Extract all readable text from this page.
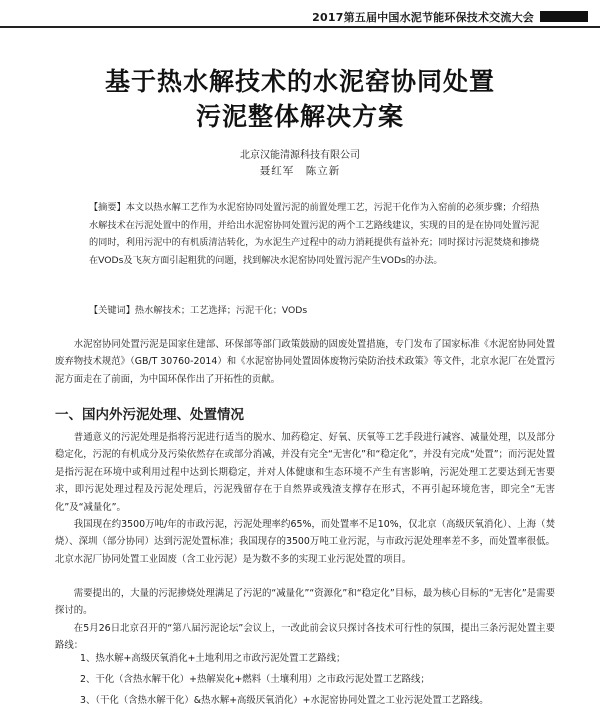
2017第五届中国水泥节能环保技术交流大会
基于热水解技术的水泥窑协同处置
污泥整体解决方案
北京汉能清源科技有限公司
聂红军　陈立新
【摘要】本文以热水解工艺作为水泥窑协同处置污泥的前置处理工艺，污泥干化作为入窑前的必须步骤；介绍热水解技术在污泥处置中的作用，并给出水泥窑协同处置污泥的两个工艺路线建议，实现的目的是在协同处置污泥的同时，利用污泥中的有机质清洁转化，为水泥生产过程中的动力消耗提供有益补充；同时探讨污泥焚烧和掺烧在VODs及飞灰方面引起粗犹的问题，找到解决水泥窑协同处置污泥产生VODs的办法。
【关键词】热水解技术；工艺选择；污泥干化；VODs
水泥窑协同处置污泥是国家住建部、环保部等部门政策鼓励的固废处置措施，专门发布了国家标准《水泥窑协同处置废弃物技术规范》（GB/T 30760-2014）和《水泥窑协同处置固体废物污染防治技术政策》等文件，北京水泥厂在处置污泥方面走在了前面，为中国环保作出了开拓性的贡献。
一、国内外污泥处理、处置情况
普通意义的污泥处理是指将污泥进行适当的脱水、加药稳定、好氧、厌氧等工艺手段进行减容、减量处理，以及部分稳定化，污泥的有机成分及污染依然存在或部分消减，并没有完全“无害化”和“稳定化”，并没有完成“处置”；而污泥处置是指污泥在环境中或利用过程中达到长期稳定，并对人体健康和生态环境不产生有害影响，污泥处理工艺要达到无害要求，即污泥处理过程及污泥处理后，污泥残留存在于自然界或残渣支撑存在形式，不再引起环境危害，即完全“无害化”及“减量化”。
我国现在约3500万吨/年的市政污泥，污泥处理率约65%，而处置率不足10%，仅北京（高级厌氧消化）、上海（焚烧）、深圳（部分协同）达到污泥处置标准；我国现存的3500万吨工业污泥，与市政污泥处理率差不多，而处置率很低。北京水泥厂协同处置工业固废（含工业污泥）是为数不多的实现工业污泥处置的项目。
需要提出的，大量的污泥掺烧处理满足了污泥的“减量化”“资源化”和“稳定化”目标，最为核心目标的“无害化”是需要探讨的。
在5月26日北京召开的“第八届污泥论坛”会议上，一改此前会议只探讨各技术可行性的氛围，提出三条污泥处置主要路线：
1、热水解+高级厌氧消化+土地利用之市政污泥处置工艺路线；
2、干化（含热水解干化）+热解炭化+燃料（土壤利用）之市政污泥处置工艺路线；
3、（干化（含热水解干化）&热水解+高级厌氧消化）+水泥窑协同处置之工业污泥处置工艺路线。
